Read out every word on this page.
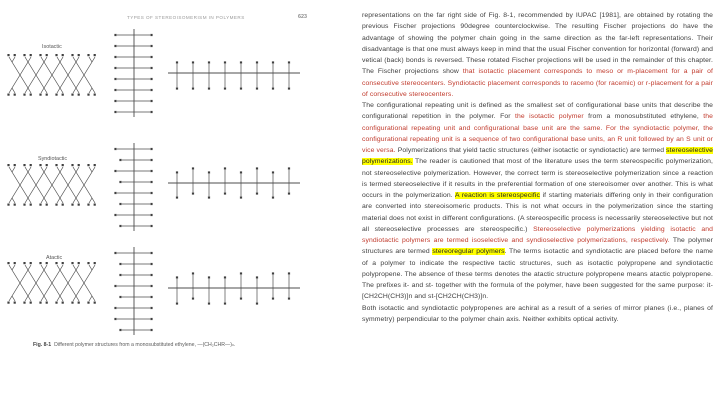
TYPES OF STEREOISOMERISM IN POLYMERS	623
Isotactic
Syndiotactic
Atactic
Fig. 8-1 Different polymer structures from a monosubstituted ethylene, —(CH₂CHR—)ₙ.

representations on the far right side of Fig. 8-1, recommended by IUPAC [1981], are obtained by rotating the previous Fischer projections 90degree counterclockwise. The resulting Fischer projections do have the advantage of showing the polymer chain going in the same direction as the far-left representations. Their disadvantage is that one must always keep in mind that the usual Fischer convention for horizontal (forward) and vetical (back) bonds is reversed. These rotated Fischer projections will be used in the remainder of this chapter. The Fischer projections show that isotactic placement corresponds to meso or m-placement for a pair of consecutive stereocenters. Syndiotactic placement corresponds to racemo (for racemic) or r-placement for a pair of consecutive stereocenters.

The configurational repeating unit is defined as the smallest set of configurational base units that describe the configurational repetition in the polymer. For the isotactic polymer from a monosubstituted ethylene, the configurational repeating unit and configurational base unit are the same. For the syndiotactic polymer, the configurational repeating unit is a sequence of two configurational base units, an R unit followed by an S unit or vice versa. Polymerizations that yield tactic structures (either isotactic or syndiotactic) are termed stereoselective polymerizations. The reader is cautioned that most of the literature uses the term stereospecific polymerization, not stereoselective polymerization. However, the correct term is stereoselective polymerization since a reaction is termed stereoselective if it results in the preferential formation of one stereoisomer over another. This is what occurs in the polymerization. A reaction is stereospecific if starting materials differing only in their configuration are converted into stereoisomeric products. This is not what occurs in the polymerization since the starting material does not exist in different configurations. (A stereospecific process is necessarily stereoselective but not all stereoselective processes are stereospecific.) Stereoselective polymerizations yielding isotactic and syndiotactic polymers are termed isoselective and syndioselective polymerizations, respectively. The polymer structures are termed stereoregular polymers. The terms isotactic and syndiotactic are placed before the name of a polymer to indicate the respective tactic structures, such as isotactic polypropene and syndiotactic polypropene. The absence of these terms denotes the atactic structure polypropene means atactic polypropene. The prefixes it- and st- together with the formula of the polymer, have been suggested for the same purpose: it-[CH2CH(CH3)]n and st-[CH2CH(CH3)]n.

Both isotactic and syndiotactic polypropenes are achiral as a result of a series of mirror planes (i.e., planes of symmetry) perpendicular to the polymer chain axis. Neither exhibits optical activity.
